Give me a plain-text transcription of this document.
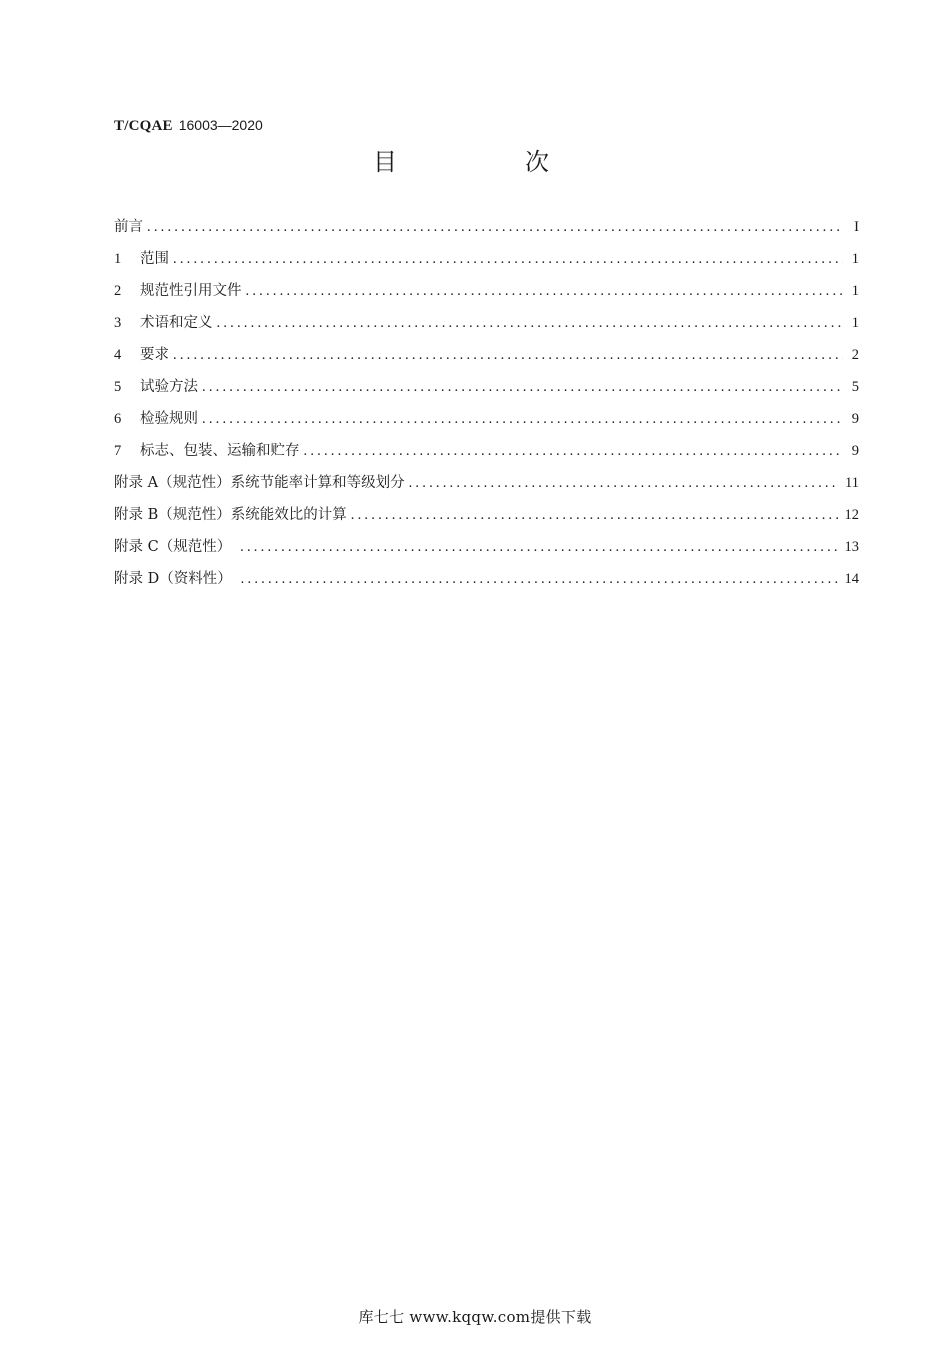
T/CQAE 16003—2020
目　次
前言 .....	I
1 范围 .....	1
2 规范性引用文件 .....	1
3 术语和定义 .....	1
4 要求 .....	2
5 试验方法 .....	5
6 检验规则 .....	9
7 标志、包装、运输和贮存 .....	9
附录 A（规范性）系统节能率计算和等级划分 .....	11
附录 B（规范性）系统能效比的计算 .....	12
附录 C（规范性） .....	13
附录 D（资料性） .....	14
库七七 www.kqqw.com提供下载
